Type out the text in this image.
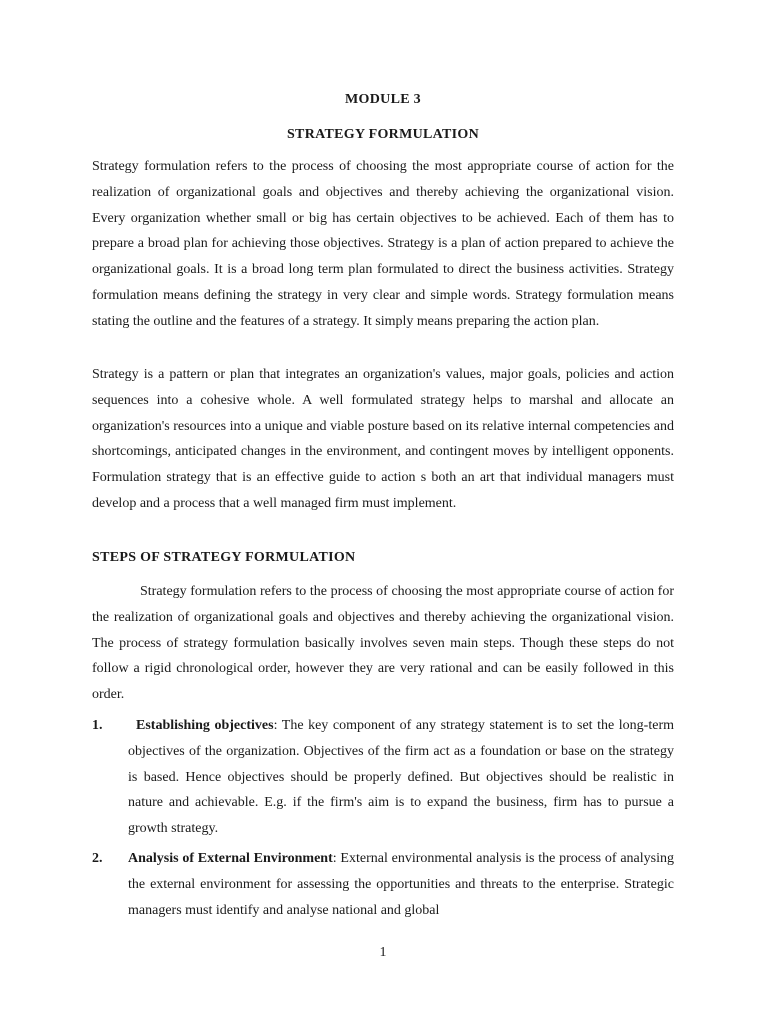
MODULE 3
STRATEGY FORMULATION

Strategy formulation refers to the process of choosing the most appropriate course of action for the realization of organizational goals and objectives and thereby achieving the organizational vision. Every organization whether small or big has certain objectives to be achieved. Each of them has to prepare a broad plan for achieving those objectives. Strategy is a plan of action prepared to achieve the organizational goals. It is a broad long term plan formulated to direct the business activities. Strategy formulation means defining the strategy in very clear and simple words. Strategy formulation means stating the outline and the features of a strategy. It simply means preparing the action plan.

Strategy is a pattern or plan that integrates an organization's values, major goals, policies and action sequences into a cohesive whole. A well formulated strategy helps to marshal and allocate an organization's resources into a unique and viable posture based on its relative internal competencies and shortcomings, anticipated changes in the environment, and contingent moves by intelligent opponents. Formulation strategy that is an effective guide to action s both an art that individual managers must develop and a process that a well managed firm must implement.

STEPS OF STRATEGY FORMULATION

Strategy formulation refers to the process of choosing the most appropriate course of action for the realization of organizational goals and objectives and thereby achieving the organizational vision. The process of strategy formulation basically involves seven main steps. Though these steps do not follow a rigid chronological order, however they are very rational and can be easily followed in this order.

1.	Establishing objectives: The key component of any strategy statement is to set the long-term objectives of the organization. Objectives of the firm act as a foundation or base on the strategy is based. Hence objectives should be properly defined. But objectives should be realistic in nature and achievable. E.g. if the firm's aim is to expand the business, firm has to pursue a growth strategy.
2. Analysis of External Environment: External environmental analysis is the process of analysing the external environment for assessing the opportunities and threats to the enterprise. Strategic managers must identify and analyse national and global
1
